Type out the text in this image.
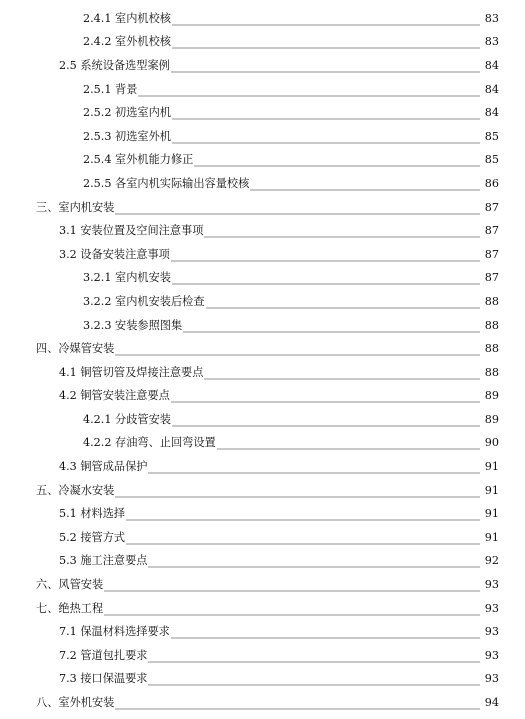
2.4.1 室内机校核	83
2.4.2 室外机校核	83
2.5 系统设备选型案例	84
2.5.1 背景	84
2.5.2 初选室内机	84
2.5.3 初选室外机	85
2.5.4 室外机能力修正	85
2.5.5 各室内机实际输出容量校核	86
三、室内机安装	87
3.1 安装位置及空间注意事项	87
3.2 设备安装注意事项	87
3.2.1 室内机安装	87
3.2.2 室内机安装后检查	88
3.2.3 安装参照图集	88
四、冷媒管安装	88
4.1 铜管切管及焊接注意要点	88
4.2 铜管安装注意要点	89
4.2.1 分歧管安装	89
4.2.2 存油弯、止回弯设置	90
4.3 铜管成品保护	91
五、冷凝水安装	91
5.1 材料选择	91
5.2 接管方式	91
5.3 施工注意要点	92
六、风管安装	93
七、绝热工程	93
7.1 保温材料选择要求	93
7.2 管道包扎要求	93
7.3 接口保温要求	93
八、室外机安装	94
